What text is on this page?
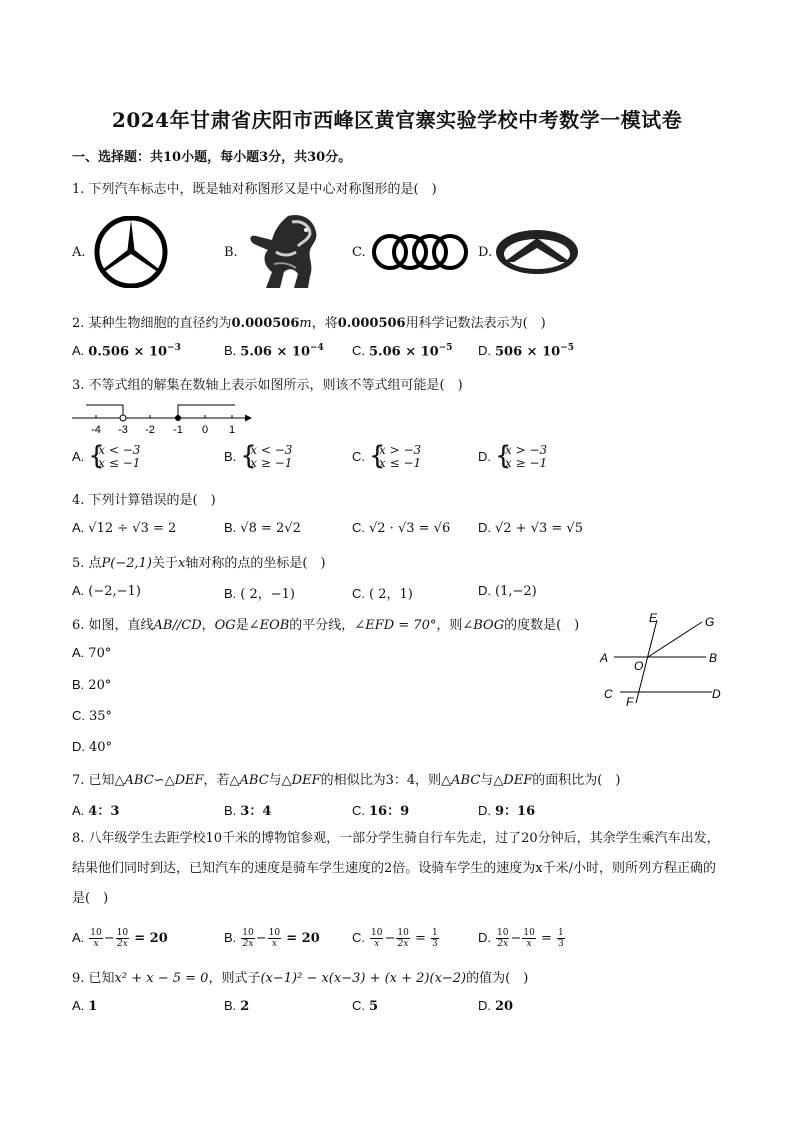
2024年甘肃省庆阳市西峰区黄官寨实验学校中考数学一模试卷
一、选择题：共10小题，每小题3分，共30分。
1. 下列汽车标志中，既是轴对称图形又是中心对称图形的是(　)
A.	B.	C.	D.
2. 某种生物细胞的直径约为0.000506m，将0.000506用科学记数法表示为(　)
A. $0.506 \times 10^{-3}$	B. $5.06 \times 10^{-4}$ C. $5.06 \times 10^{-5}$ D. $506 \times 10^{-5}$
3. 不等式组的解集在数轴上表示如图所示，则该不等式组可能是(　)
-4 -3 -2 -1 0 1
A. {
x < −3
x ≤ −1	B. {
x < −3
x ≥ −1	C. {
x > −3
x ≤ −1	D. {
x > −3
x ≥ −1
4. 下列计算错误的是(　)
A. √12 ÷ √3 = 2	B. √8 = 2√2	C. √2 · √3 = √6 D. √2 + √3 = √5
5. 点P(−2,1)关于x轴对称的点的坐标是(　)
A. (−2,−1)	B. ( 2，−1)	C. ( 2，1)	D. (1,−2)
6. 如图，直线AB//CD，OG是∠EOB的平分线，∠EFD = 70°，则∠BOG的度数是(　)
A. 70°
B. 20°
C. 35°
D. 40°
E	G
A
O
B
C	D
F
7. 已知△ABC∽△DEF，若△ABC与△DEF的相似比为3：4，则△ABC与△DEF的面积比为(　)
A. 4：3	B. 3：4	C. 16：9	D. 9：16
8. 八年级学生去距学校10千米的博物馆参观，一部分学生骑自行车先走，过了20分钟后，其余学生乘汽车出发，结果他们同时到达，已知汽车的速度是骑车学生速度的2倍。设骑车学生的速度为x千米/小时，则所列方程正确的是(　)
A. $\frac{10}{x} - \frac{10}{2x} = 20$	B. $\frac{10}{2x} - \frac{10}{x} = 20$ C. $\frac{10}{x} - \frac{10}{2x} = \frac{1}{3}$	D. $\frac{10}{2x} - \frac{10}{x} = \frac{1}{3}$
9. 已知x² + x − 5 = 0，则式子(x−1)² − x(x−3) + (x + 2)(x−2)的值为(　)
A. 1	B. 2	C. 5	D. 20
